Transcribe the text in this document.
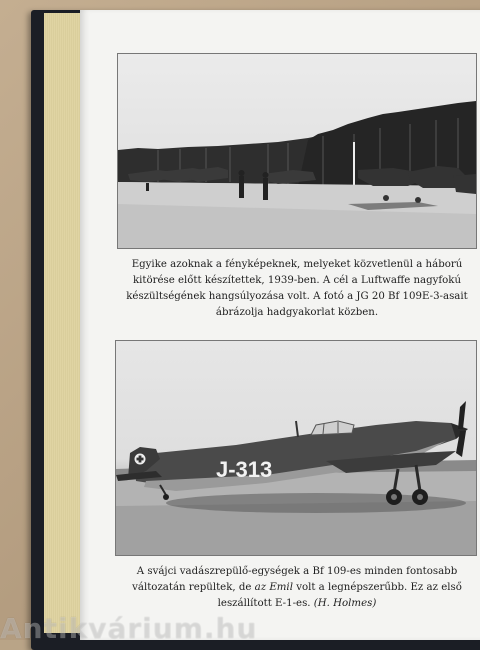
Egyike azoknak a fényképeknek, melyeket közvetlenül a háború kitörése előtt készítettek, 1939-ben. A cél a Luftwaffe nagyfokú készültségének hangsúlyozása volt. A fotó a JG 20 Bf 109E-3-asait ábrázolja hadgyakorlat közben.
J-313
A svájci vadászrepülő-egységek a Bf 109-es minden fontosabb változatán repültek, de az Emil volt a legnépszerűbb. Ez az első leszállított E-1-es. (H. Holmes)
Antikvárium.hu
